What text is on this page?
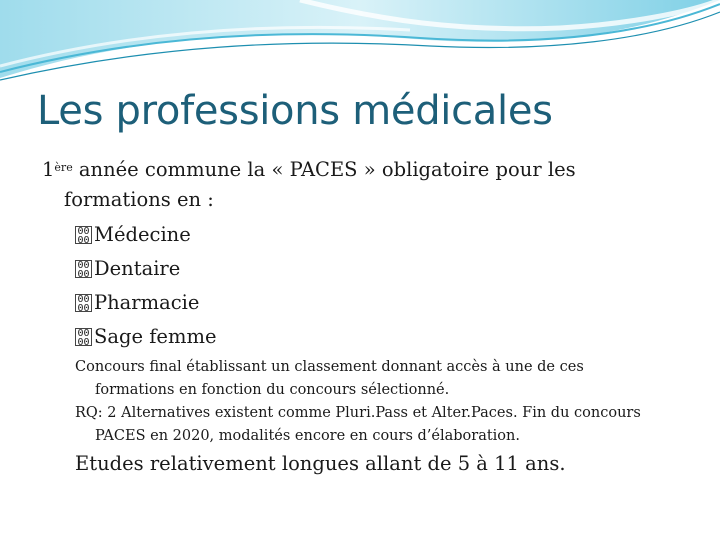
Les professions médicales
1ère année commune la « PACES » obligatoire pour les
formations en :
00
00 Médecine
00
00 Dentaire
00
00 Pharmacie
00
00 Sage femme
Concours final établissant un classement donnant accès à une de ces
formations en fonction du concours sélectionné.
RQ: 2 Alternatives existent comme Pluri.Pass et Alter.Paces. Fin du concours
PACES en 2020, modalités encore en cours d’élaboration.
Etudes relativement longues allant de 5 à 11 ans.
